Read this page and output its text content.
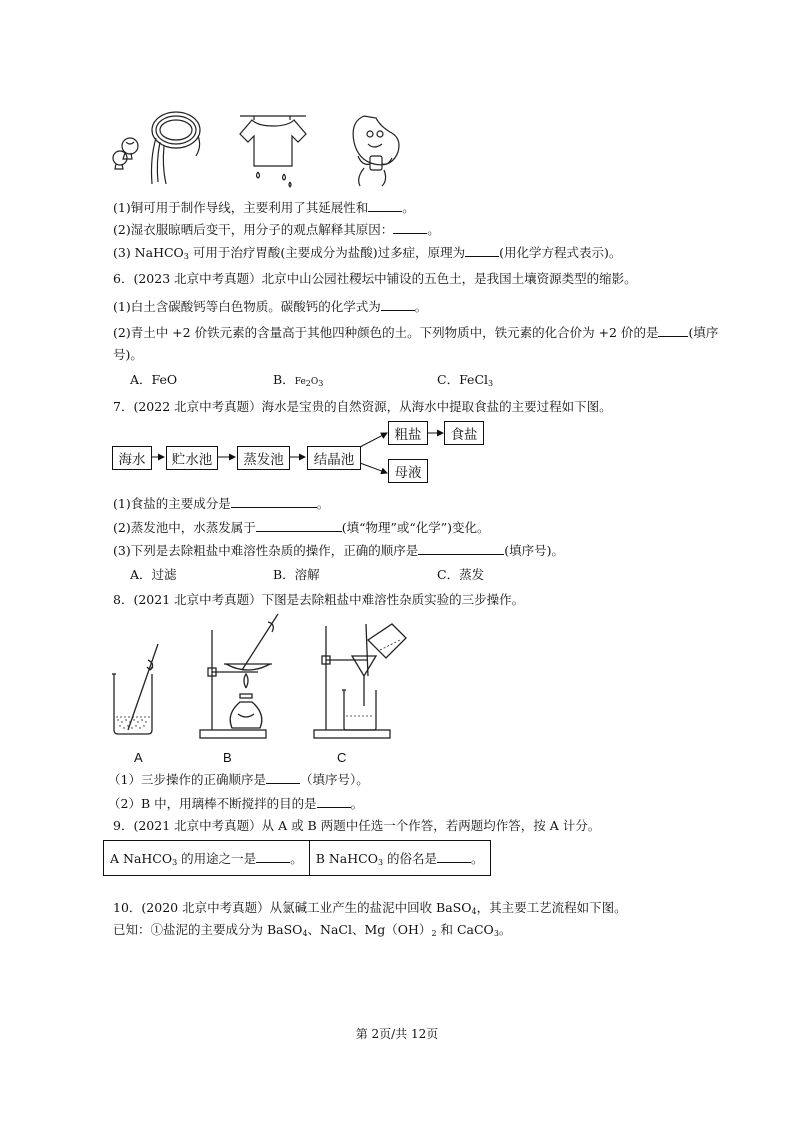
(1)铜可用于制作导线，主要利用了其延展性和	。
(2)湿衣服晾晒后变干，用分子的观点解释其原因：	。
(3) NaHCO$_3$ 可用于治疗胃酸(主要成分为盐酸)过多症，原理为	(用化学方程式表示)。
6．(2023 北京中考真题）北京中山公园社稷坛中铺设的五色土，是我国土壤资源类型的缩影。
(1)白土含碳酸钙等白色物质。碳酸钙的化学式为	。
(2)青土中 +2 价铁元素的含量高于其他四种颜色的土。下列物质中，铁元素的化合价为 +2 价的是 (填序
号)。
A．FeO	B．$Fe_2O_3$	C．FeCl$_3$
7．(2022 北京中考真题）海水是宝贵的自然资源，从海水中提取食盐的主要过程如下图。
海水	贮水池	蒸发池	结晶池
粗盐	食盐
母液
(1)食盐的主要成分是	。
(2)蒸发池中，水蒸发属于	(填“物理”或“化学”)变化。
(3)下列是去除粗盐中难溶性杂质的操作，正确的顺序是	(填序号)。
A．过滤	B．溶解	C．蒸发
8．(2021 北京中考真题）下图是去除粗盐中难溶性杂质实验的三步操作。
A	B	C
（1）三步操作的正确顺序是	（填序号）。
（2）B 中，用璃棒不断搅拌的目的是	。
9．(2021 北京中考真题）从 A 或 B 两题中任选一个作答，若两题均作答，按 A 计分。
A NaHCO$_3$ 的用途之一是	。	B NaHCO$_3$ 的俗名是	。
10．(2020 北京中考真题）从氯碱工业产生的盐泥中回收 BaSO$_4$，其主要工艺流程如下图。
已知：①盐泥的主要成分为 BaSO$_4$、NaCl、$Mg(OH)_2$ 和 CaCO$_3$。
第 2页/共 12页
